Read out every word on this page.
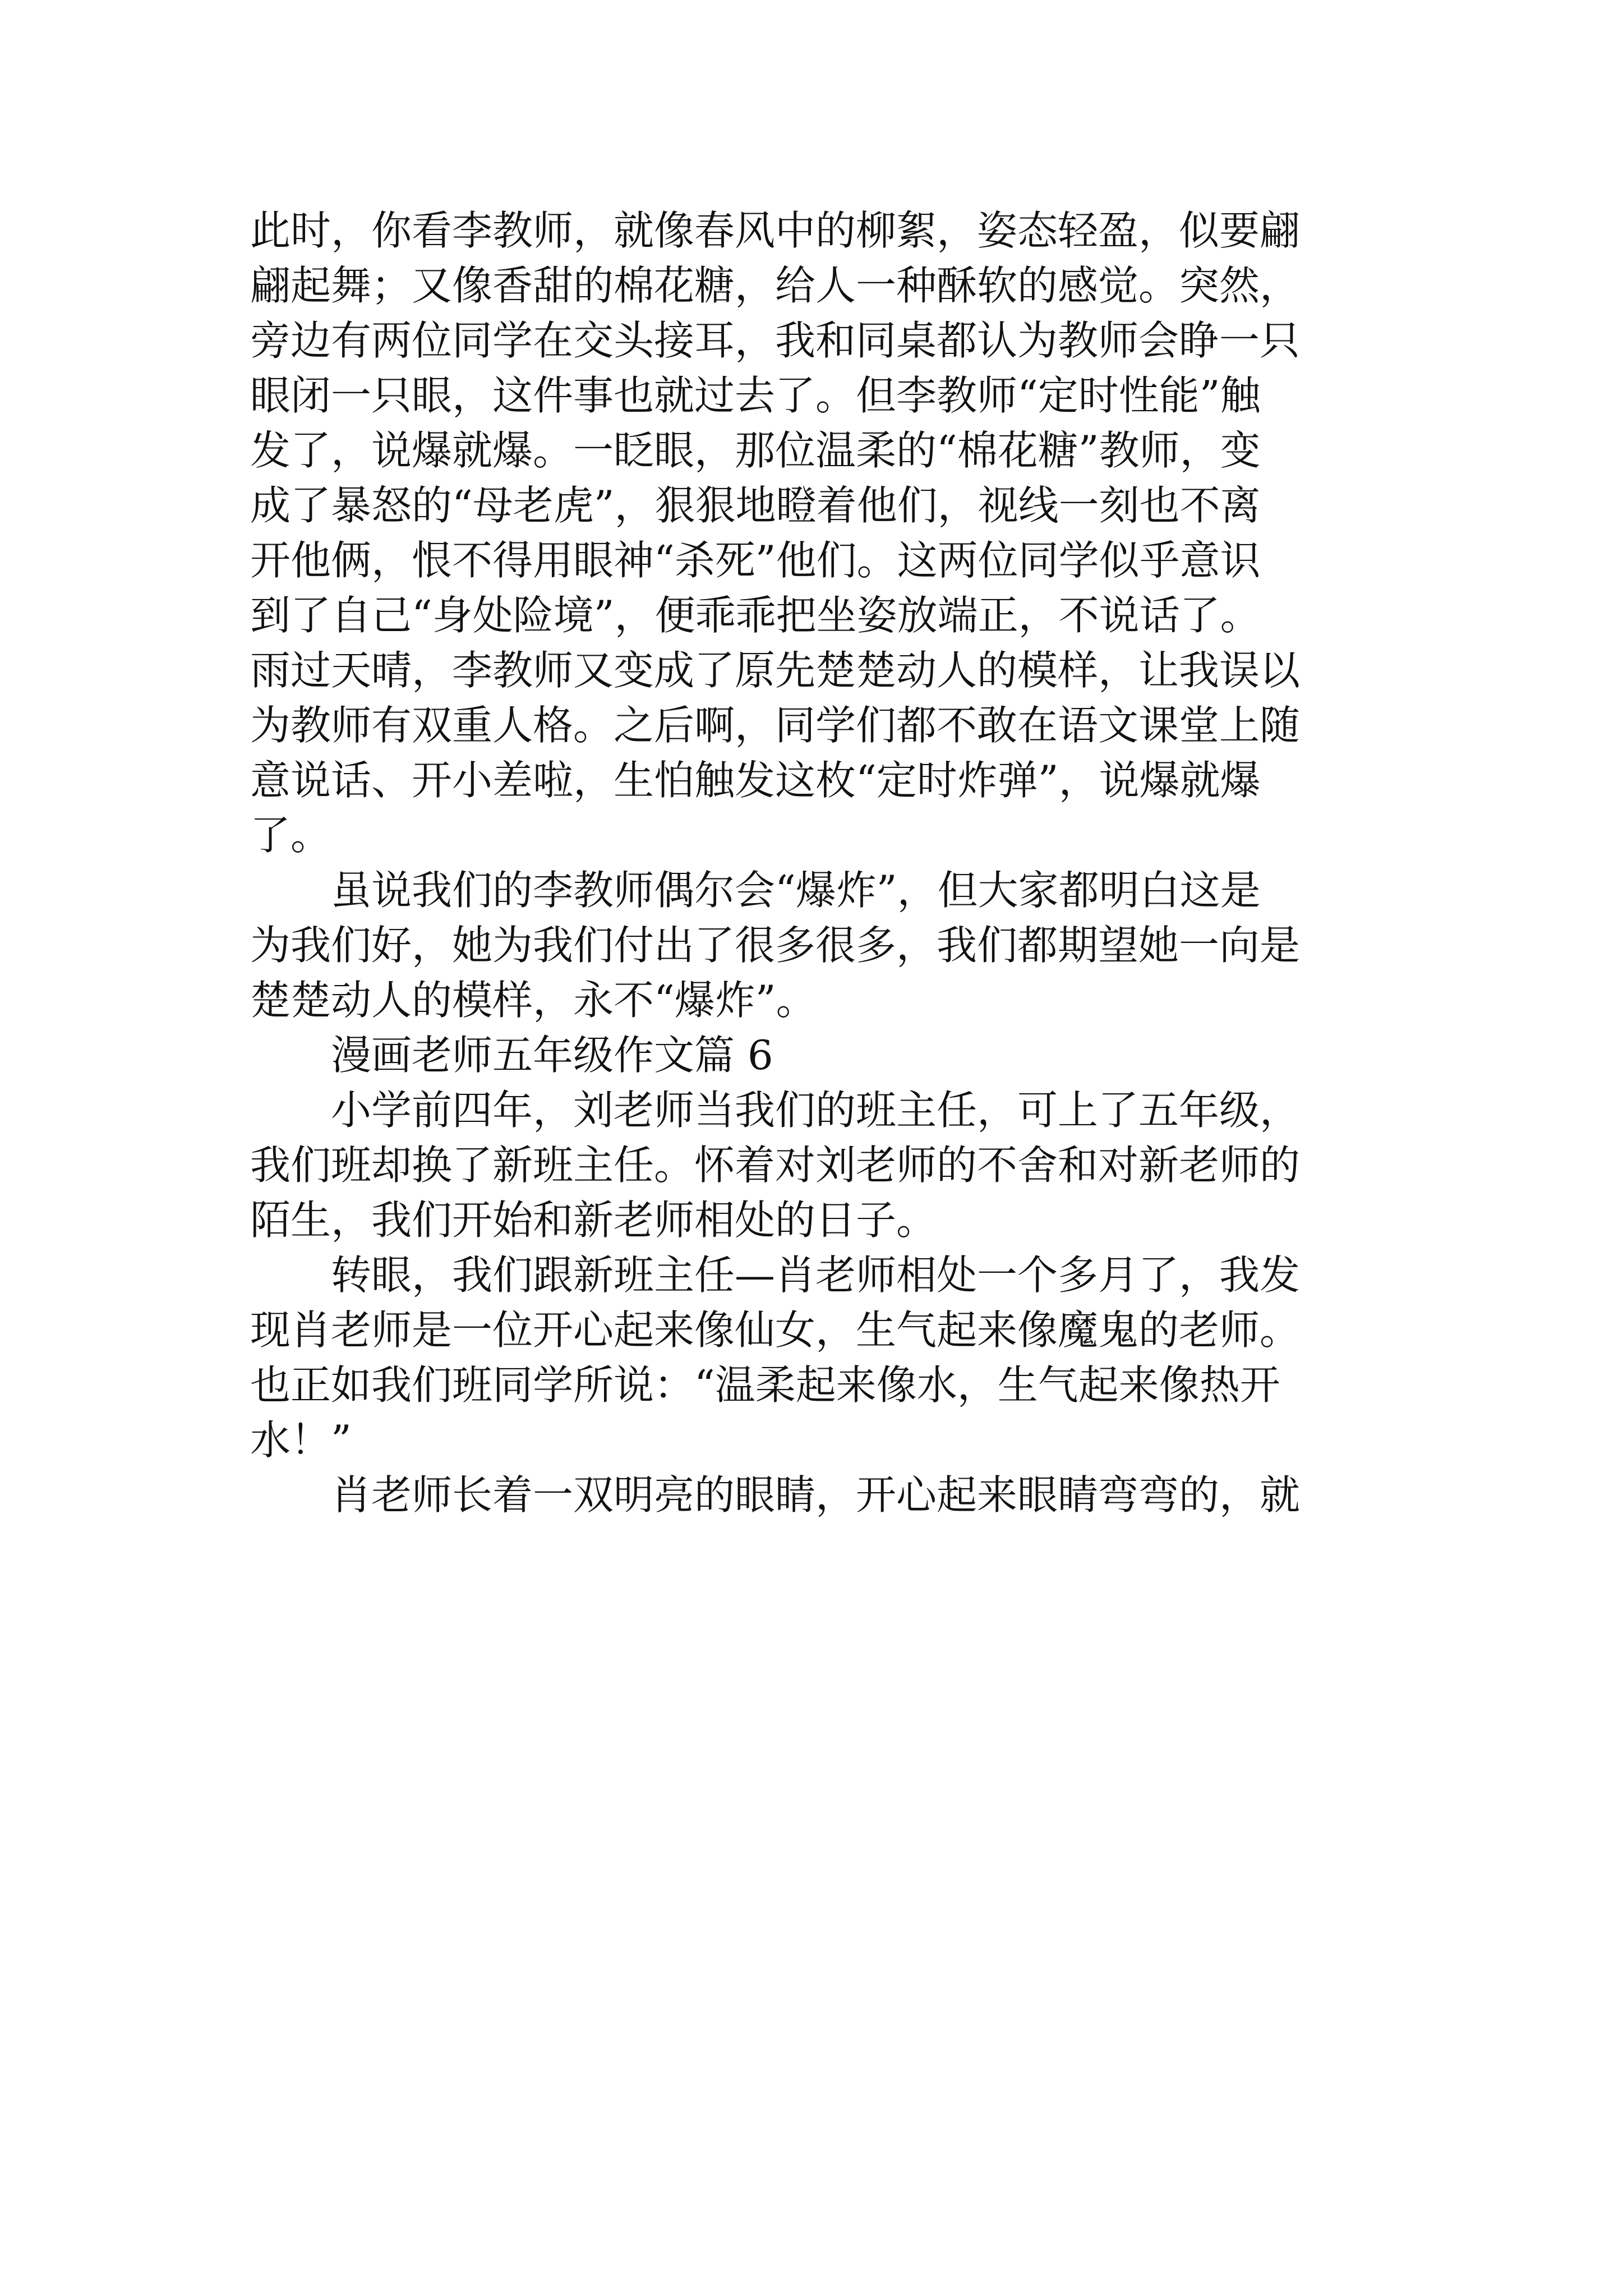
此时，你看李教师，就像春风中的柳絮，姿态轻盈，似要翩
翩起舞；又像香甜的棉花糖，给人一种酥软的感觉。突然，
旁边有两位同学在交头接耳，我和同桌都认为教师会睁一只
眼闭一只眼，这件事也就过去了。但李教师“定时性能”触
发了，说爆就爆。一眨眼，那位温柔的“棉花糖”教师，变
成了暴怒的“母老虎”，狠狠地瞪着他们，视线一刻也不离
开他俩，恨不得用眼神“杀死”他们。这两位同学似乎意识
到了自己“身处险境”，便乖乖把坐姿放端正，不说话了。
雨过天晴，李教师又变成了原先楚楚动人的模样，让我误以
为教师有双重人格。之后啊，同学们都不敢在语文课堂上随
意说话、开小差啦，生怕触发这枚“定时炸弹”，说爆就爆
了。
　　虽说我们的李教师偶尔会“爆炸”，但大家都明白这是
为我们好，她为我们付出了很多很多，我们都期望她一向是
楚楚动人的模样，永不“爆炸”。
　　漫画老师五年级作文篇 6
　　小学前四年，刘老师当我们的班主任，可上了五年级，
我们班却换了新班主任。怀着对刘老师的不舍和对新老师的
陌生，我们开始和新老师相处的日子。
　　转眼，我们跟新班主任—肖老师相处一个多月了，我发
现肖老师是一位开心起来像仙女，生气起来像魔鬼的老师。
也正如我们班同学所说：“温柔起来像水，生气起来像热开
水！”
　　肖老师长着一双明亮的眼睛，开心起来眼睛弯弯的，就
